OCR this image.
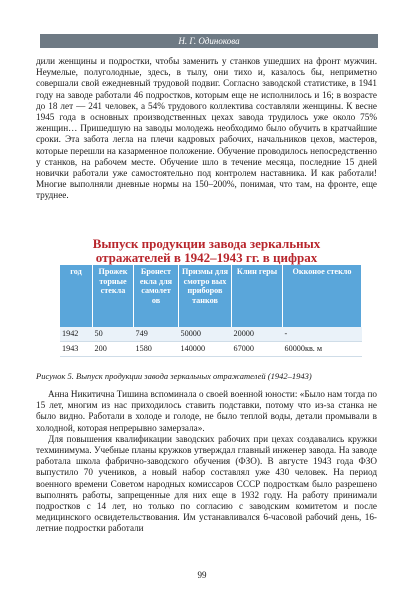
Н. Г. Одинокова

дили женщины и подростки, чтобы заменить у станков ушедших на фронт мужчин. Неумелые, полуголодные, здесь, в тылу, они тихо и, казалось бы, неприметно совершали свой ежедневный трудовой подвиг. Согласно заводской статистике, в 1941 году на заводе работали 46 подростков, которым еще не исполнилось и 16; в возрасте до 18 лет — 241 человек, а 54% трудового коллектива составляли женщины. К весне 1945 года в основных производственных цехах завода трудилось уже около 75% женщин… Пришедшую на заводы молодежь необходимо было обучить в кратчайшие сроки. Эта забота легла на плечи кадровых рабочих, начальников цехов, мастеров, которые перешли на казарменное положение. Обучение проводилось непосредственно у станков, на рабочем месте. Обучение шло в течение месяца, последние 15 дней новички работали уже самостоятельно под контролем наставника. И как работали! Многие выполняли дневные нормы на 150–200%, понимая, что там, на фронте, еще труднее.

Выпуск продукции завода зеркальных
отражателей в 1942–1943 гг. в цифрах
год	Прожек торные стекла	Бронест екла для самолет ов	Призмы для смотро вых приборов танков	Клин геры	Окконое стекло
1942	50	749	50000	20000	-
1943	200	1580	140000	67000	60000кв. м
Рисунок 5. Выпуск продукции завода зеркальных отражателей (1942–1943)

Анна Никитична Тишина вспоминала о своей военной юности: «Было нам тогда по 15 лет, многим из нас приходилось ставить подставки, потому что из-за станка не было видно. Работали в холоде и голоде, не было теплой воды, детали промывали в холодной, которая непрерывно замерзала».

Для повышения квалификации заводских рабочих при цехах создавались кружки техминимума. Учебные планы кружков утверждал главный инженер завода. На заводе работала школа фабрично-заводского обучения (ФЗО). В августе 1943 года ФЗО выпустило 70 учеников, а новый набор составлял уже 430 человек. На период военного времени Советом народных комиссаров СССР подросткам было разрешено выполнять работы, запрещенные для них еще в 1932 году. На работу принимали подростков с 14 лет, но только по согласию с заводским комитетом и после медицинского освидетельствования. Им устанавливался 6-часовой рабочий день, 16-летние подростки работали

99
